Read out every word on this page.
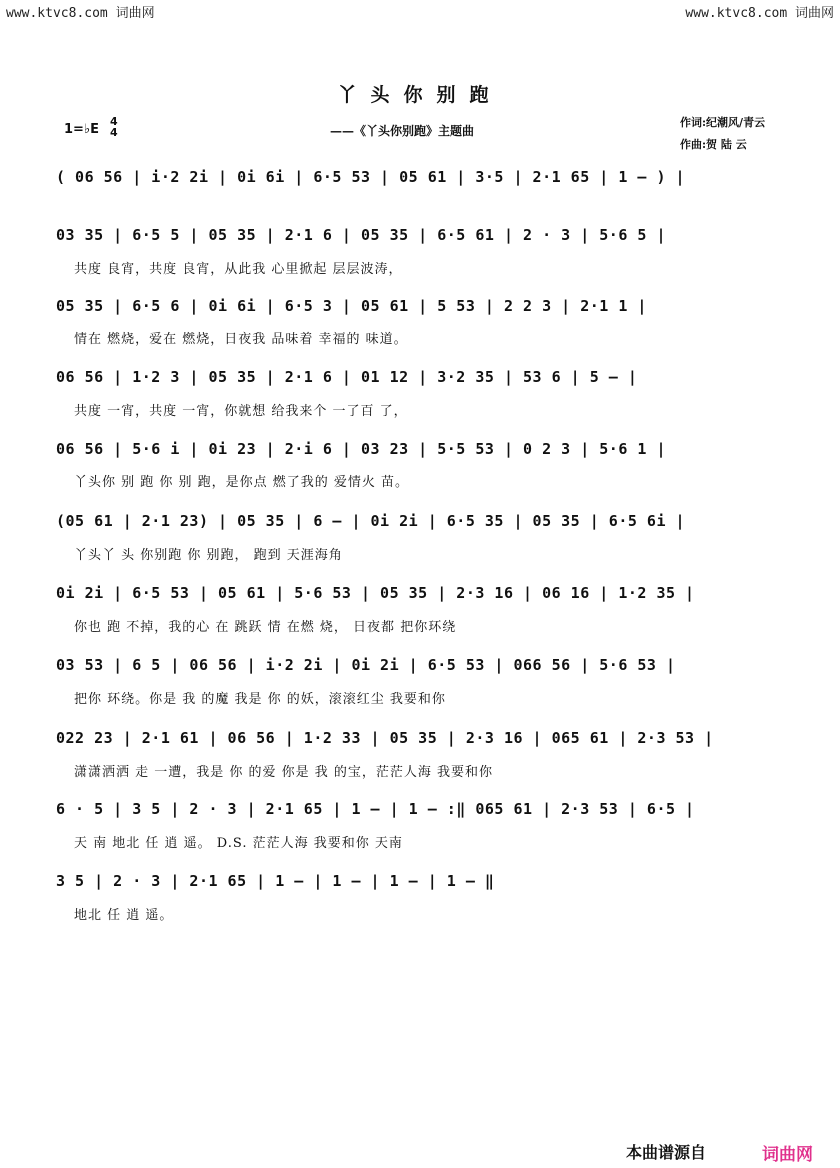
www.ktvc8.com 词曲网	www.ktvc8.com 词曲网
丫头你别跑
1=♭E
4
4	——《丫头你别跑》主题曲
作词:纪潮风/青云
作曲:贺 陆 云
( 06 56 | i·2 2i | 0i 6i | 6·5 53 | 05 61 | 3·5 | 2·1 65 | 1 — ) |
03 35 | 6·5 5 | 05 35 | 2·1 6 | 05 35 | 6·5 61 | 2 · 3 | 5·6 5 |
共度 良宵，共度 良宵，从此我 心里掀起 层层波涛，
05 35 | 6·5 6 | 0i 6i | 6·5 3 | 05 61 | 5 53 | 2 2 3 | 2·1 1 |
情在 燃烧，爱在 燃烧，日夜我 品味着 幸福的 味道。
06 56 | 1·2 3 | 05 35 | 2·1 6 | 01 12 | 3·2 35 | 53 6 | 5 — |
共度 一宵，共度 一宵，你就想 给我来个 一了百 了，
06 56 | 5·6 i | 0i 23 | 2·i 6 | 03 23 | 5·5 53 | 0 2 3 | 5·6 1 |
丫头你 别 跑 你 别 跑，是你点 燃了我的 爱情火 苗。
(05 61 | 2·1 23) | 05 35 | 6 — | 0i 2i | 6·5 35 | 05 35 | 6·5 6i |
丫头丫 头 你别跑 你 别跑， 跑到 天涯海角
0i 2i | 6·5 53 | 05 61 | 5·6 53 | 05 35 | 2·3 16 | 06 16 | 1·2 35 |
你也 跑 不掉，我的心 在 跳跃 情 在燃 烧， 日夜都 把你环绕
03 53 | 6 5 | 06 56 | i·2 2i | 0i 2i | 6·5 53 | 066 56 | 5·6 53 |
把你 环绕。你是 我 的魔 我是 你 的妖，滚滚红尘 我要和你
022 23 | 2·1 61 | 06 56 | 1·2 33 | 05 35 | 2·3 16 | 065 61 | 2·3 53 |
潇潇洒洒 走 一遭，我是 你 的爱 你是 我 的宝，茫茫人海 我要和你
6 · 5 | 3 5 | 2 · 3 | 2·1 65 | 1 — | 1 — :‖ 065 61 | 2·3 53 | 6·5 |
天 南 地北 任 逍 遥。 D.S. 茫茫人海 我要和你 天南
3 5 | 2 · 3 | 2·1 65 | 1 — | 1 — | 1 — | 1 — ‖
地北 任 逍 遥。
本曲谱源自	词曲网
